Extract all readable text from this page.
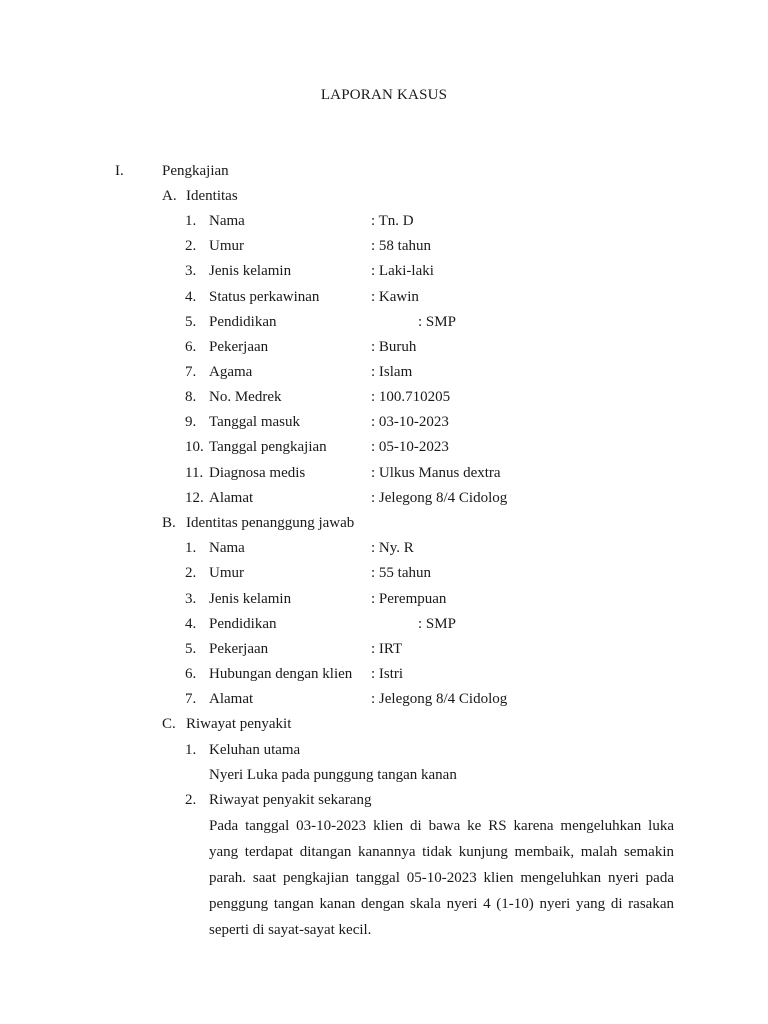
LAPORAN KASUS
I.	Pengkajian
A. Identitas
1. Nama	: Tn. D
2. Umur	: 58 tahun
3. Jenis kelamin	: Laki-laki
4. Status perkawinan	: Kawin
5. Pendidikan	: SMP
6. Pekerjaan	: Buruh
7. Agama	: Islam
8. No. Medrek	: 100.710205
9. Tanggal masuk	: 03-10-2023
10. Tanggal pengkajian	: 05-10-2023
11. Diagnosa medis	: Ulkus Manus dextra
12. Alamat	: Jelegong 8/4 Cidolog
B. Identitas penanggung jawab
1. Nama	: Ny. R
2. Umur	: 55 tahun
3. Jenis kelamin	: Perempuan
4. Pendidikan	: SMP
5. Pekerjaan	: IRT
6. Hubungan dengan klien : Istri
7. Alamat	: Jelegong 8/4 Cidolog
C. Riwayat penyakit
1. Keluhan utama
Nyeri Luka pada punggung tangan kanan
2. Riwayat penyakit sekarang
Pada tanggal 03-10-2023 klien di bawa ke RS karena mengeluhkan luka
yang terdapat ditangan kanannya tidak kunjung membaik, malah semakin
parah. saat pengkajian tanggal 05-10-2023 klien mengeluhkan nyeri pada
penggung tangan kanan dengan skala nyeri 4 (1-10) nyeri yang di rasakan
seperti di sayat-sayat kecil.
